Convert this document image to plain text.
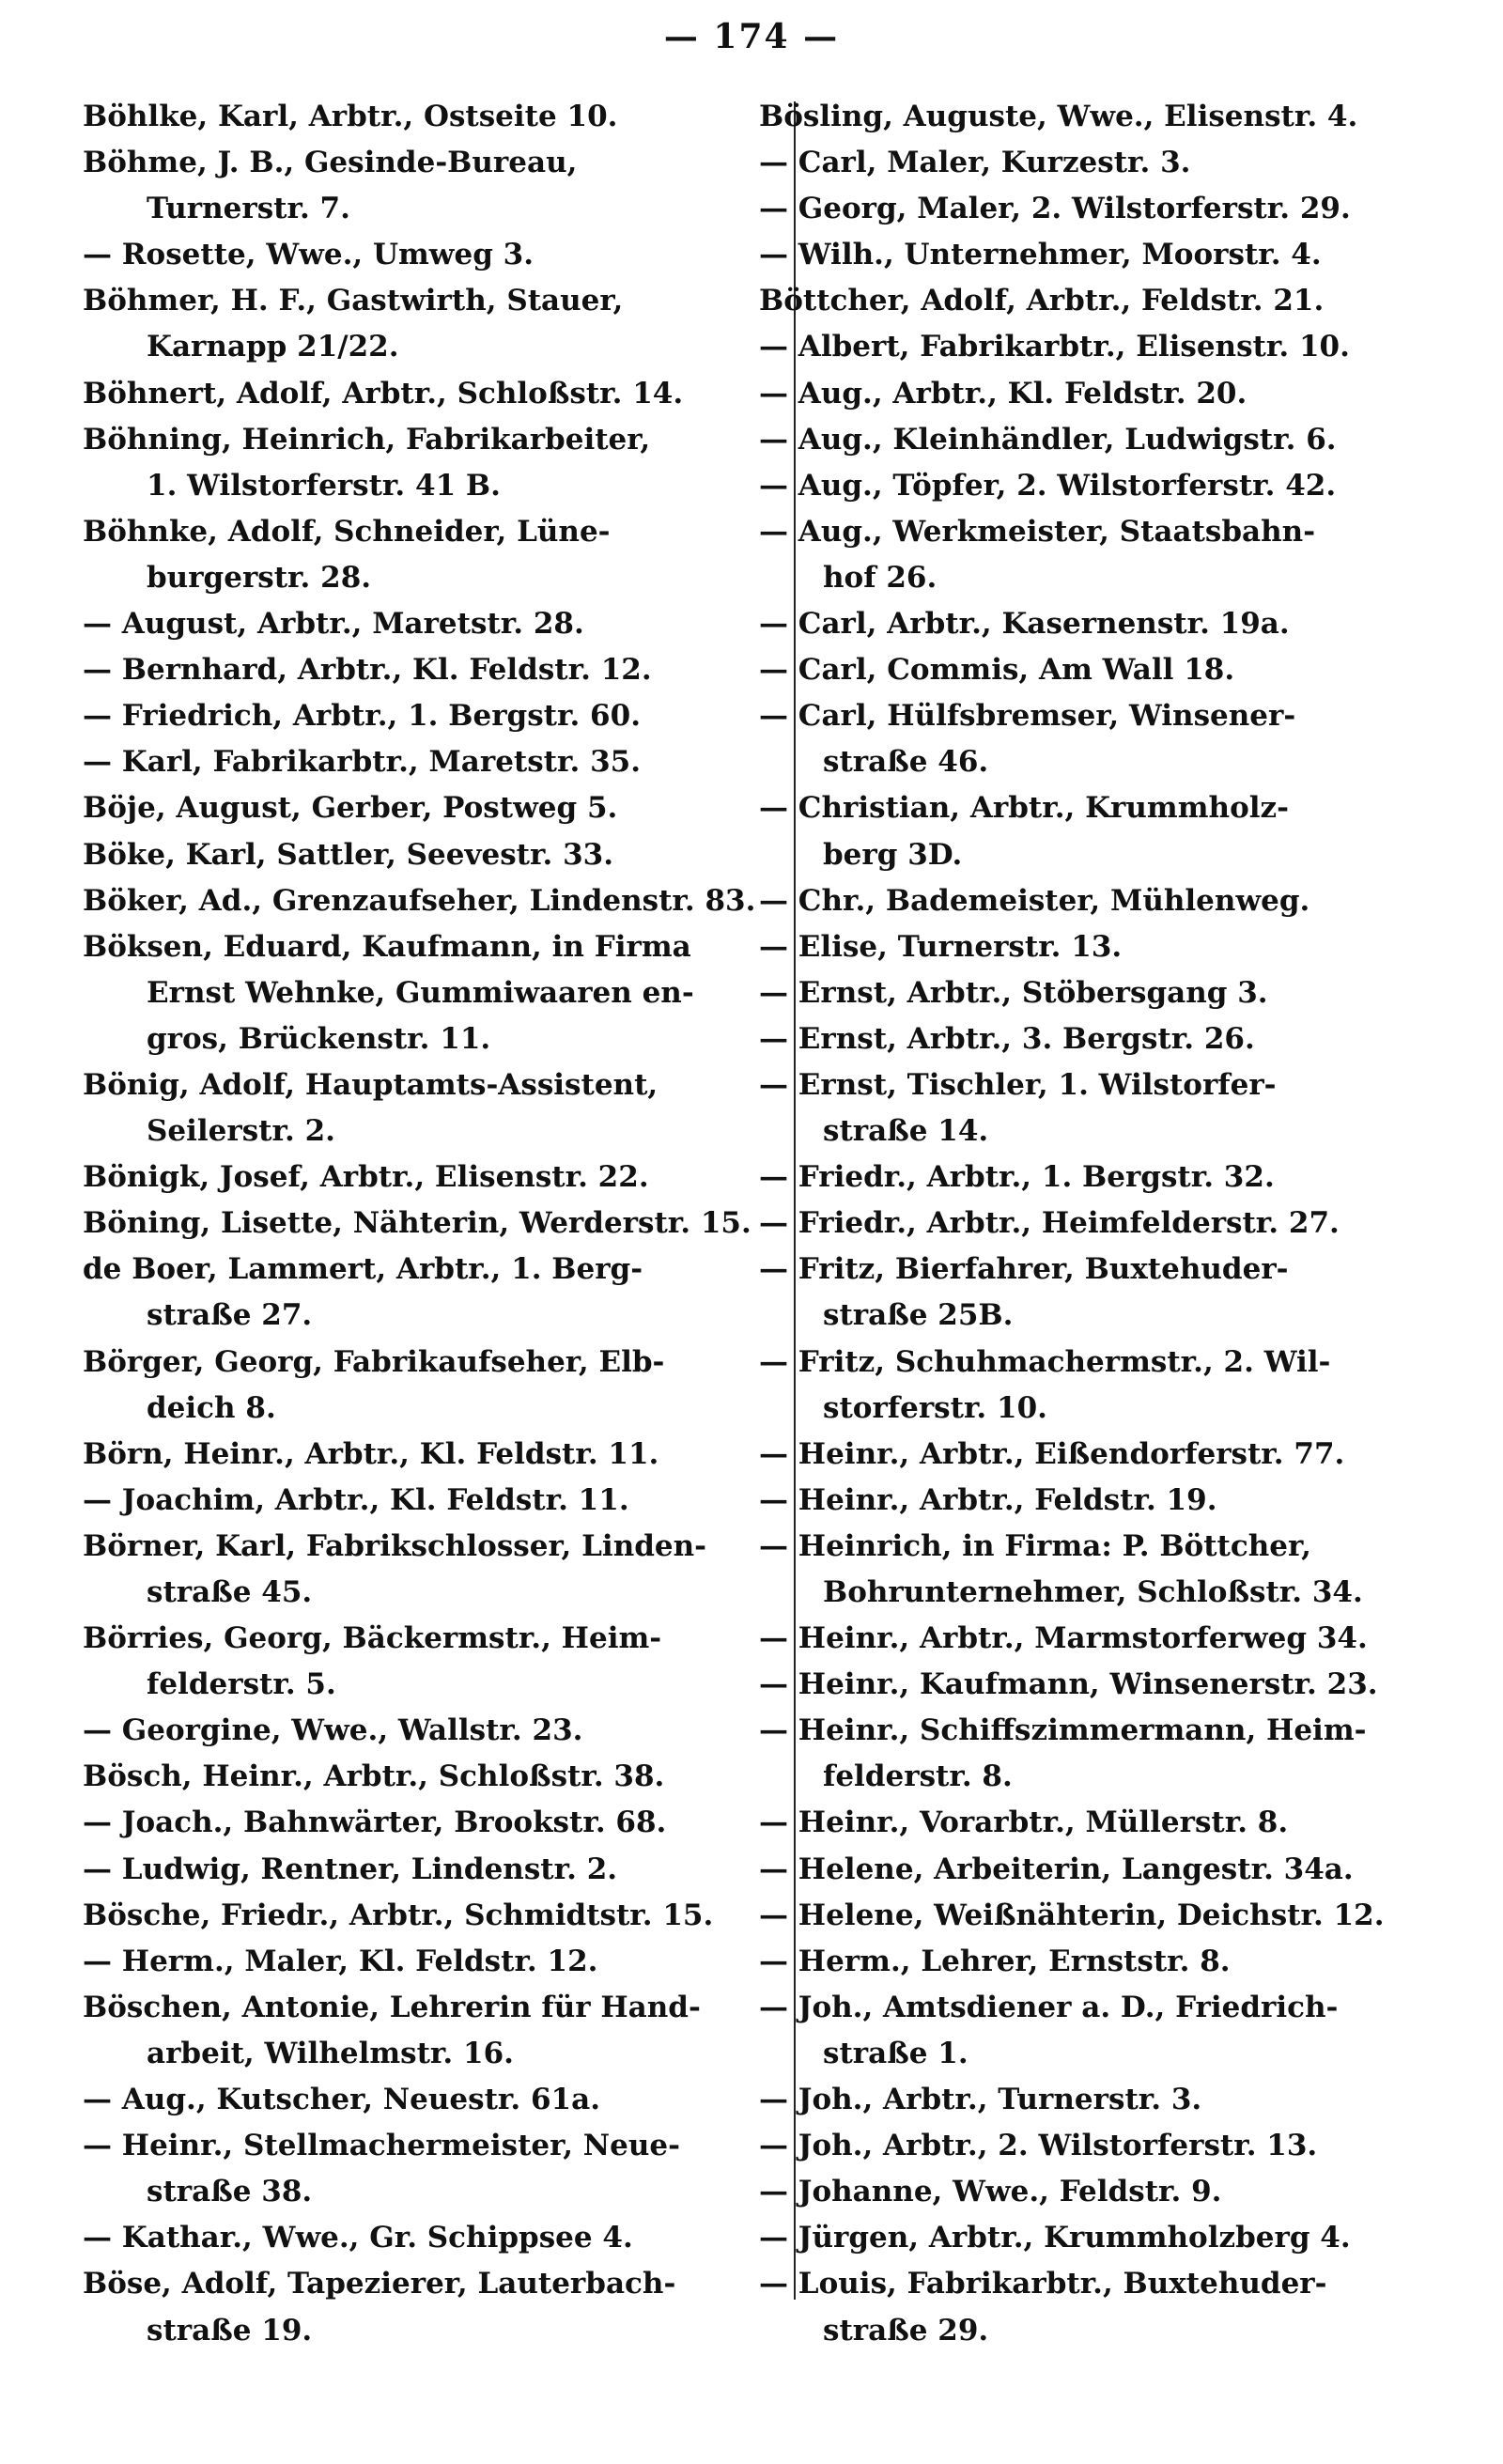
— 174 —
Böhlke, Karl, Arbtr., Ostseite 10.
Böhme, J. B., Gesinde-Bureau,
Turnerstr. 7.
— Rosette, Wwe., Umweg 3.
Böhmer, H. F., Gastwirth, Stauer,
Karnapp 21/22.
Böhnert, Adolf, Arbtr., Schloßstr. 14.
Böhning, Heinrich, Fabrikarbeiter,
1. Wilstorferstr. 41 B.
Böhnke, Adolf, Schneider, Lüne-
burgerstr. 28.
— August, Arbtr., Maretstr. 28.
— Bernhard, Arbtr., Kl. Feldstr. 12.
— Friedrich, Arbtr., 1. Bergstr. 60.
— Karl, Fabrikarbtr., Maretstr. 35.
Böje, August, Gerber, Postweg 5.
Böke, Karl, Sattler, Seevestr. 33.
Böker, Ad., Grenzaufseher, Lindenstr. 83.
Böksen, Eduard, Kaufmann, in Firma
Ernst Wehnke, Gummiwaaren en-
gros, Brückenstr. 11.
Bönig, Adolf, Hauptamts-Assistent,
Seilerstr. 2.
Bönigk, Josef, Arbtr., Elisenstr. 22.
Böning, Lisette, Nähterin, Werderstr. 15.
de Boer, Lammert, Arbtr., 1. Berg-
straße 27.
Börger, Georg, Fabrikaufseher, Elb-
deich 8.
Börn, Heinr., Arbtr., Kl. Feldstr. 11.
— Joachim, Arbtr., Kl. Feldstr. 11.
Börner, Karl, Fabrikschlosser, Linden-
straße 45.
Börries, Georg, Bäckermstr., Heim-
felderstr. 5.
— Georgine, Wwe., Wallstr. 23.
Bösch, Heinr., Arbtr., Schloßstr. 38.
— Joach., Bahnwärter, Brookstr. 68.
— Ludwig, Rentner, Lindenstr. 2.
Bösche, Friedr., Arbtr., Schmidtstr. 15.
— Herm., Maler, Kl. Feldstr. 12.
Böschen, Antonie, Lehrerin für Hand-
arbeit, Wilhelmstr. 16.
— Aug., Kutscher, Neuestr. 61a.
— Heinr., Stellmachermeister, Neue-
straße 38.
— Kathar., Wwe., Gr. Schippsee 4.
Böse, Adolf, Tapezierer, Lauterbach-
straße 19.
Bösling, Auguste, Wwe., Elisenstr. 4.
— Carl, Maler, Kurzestr. 3.
— Georg, Maler, 2. Wilstorferstr. 29.
— Wilh., Unternehmer, Moorstr. 4.
Böttcher, Adolf, Arbtr., Feldstr. 21.
— Albert, Fabrikarbtr., Elisenstr. 10.
— Aug., Arbtr., Kl. Feldstr. 20.
— Aug., Kleinhändler, Ludwigstr. 6.
— Aug., Töpfer, 2. Wilstorferstr. 42.
— Aug., Werkmeister, Staatsbahn-
hof 26.
— Carl, Arbtr., Kasernenstr. 19a.
— Carl, Commis, Am Wall 18.
— Carl, Hülfsbremser, Winsener-
straße 46.
— Christian, Arbtr., Krummholz-
berg 3D.
— Chr., Bademeister, Mühlenweg.
— Elise, Turnerstr. 13.
— Ernst, Arbtr., Stöbersgang 3.
— Ernst, Arbtr., 3. Bergstr. 26.
— Ernst, Tischler, 1. Wilstorfer-
straße 14.
— Friedr., Arbtr., 1. Bergstr. 32.
— Friedr., Arbtr., Heimfelderstr. 27.
— Fritz, Bierfahrer, Buxtehuder-
straße 25B.
— Fritz, Schuhmachermstr., 2. Wil-
storferstr. 10.
— Heinr., Arbtr., Eißendorferstr. 77.
— Heinr., Arbtr., Feldstr. 19.
— Heinrich, in Firma: P. Böttcher,
Bohrunternehmer, Schloßstr. 34.
— Heinr., Arbtr., Marmstorferweg 34.
— Heinr., Kaufmann, Winsenerstr. 23.
— Heinr., Schiffszimmermann, Heim-
felderstr. 8.
— Heinr., Vorarbtr., Müllerstr. 8.
— Helene, Arbeiterin, Langestr. 34a.
— Helene, Weißnähterin, Deichstr. 12.
— Herm., Lehrer, Ernststr. 8.
— Joh., Amtsdiener a. D., Friedrich-
straße 1.
— Joh., Arbtr., Turnerstr. 3.
— Joh., Arbtr., 2. Wilstorferstr. 13.
— Johanne, Wwe., Feldstr. 9.
— Jürgen, Arbtr., Krummholzberg 4.
— Louis, Fabrikarbtr., Buxtehuder-
straße 29.
